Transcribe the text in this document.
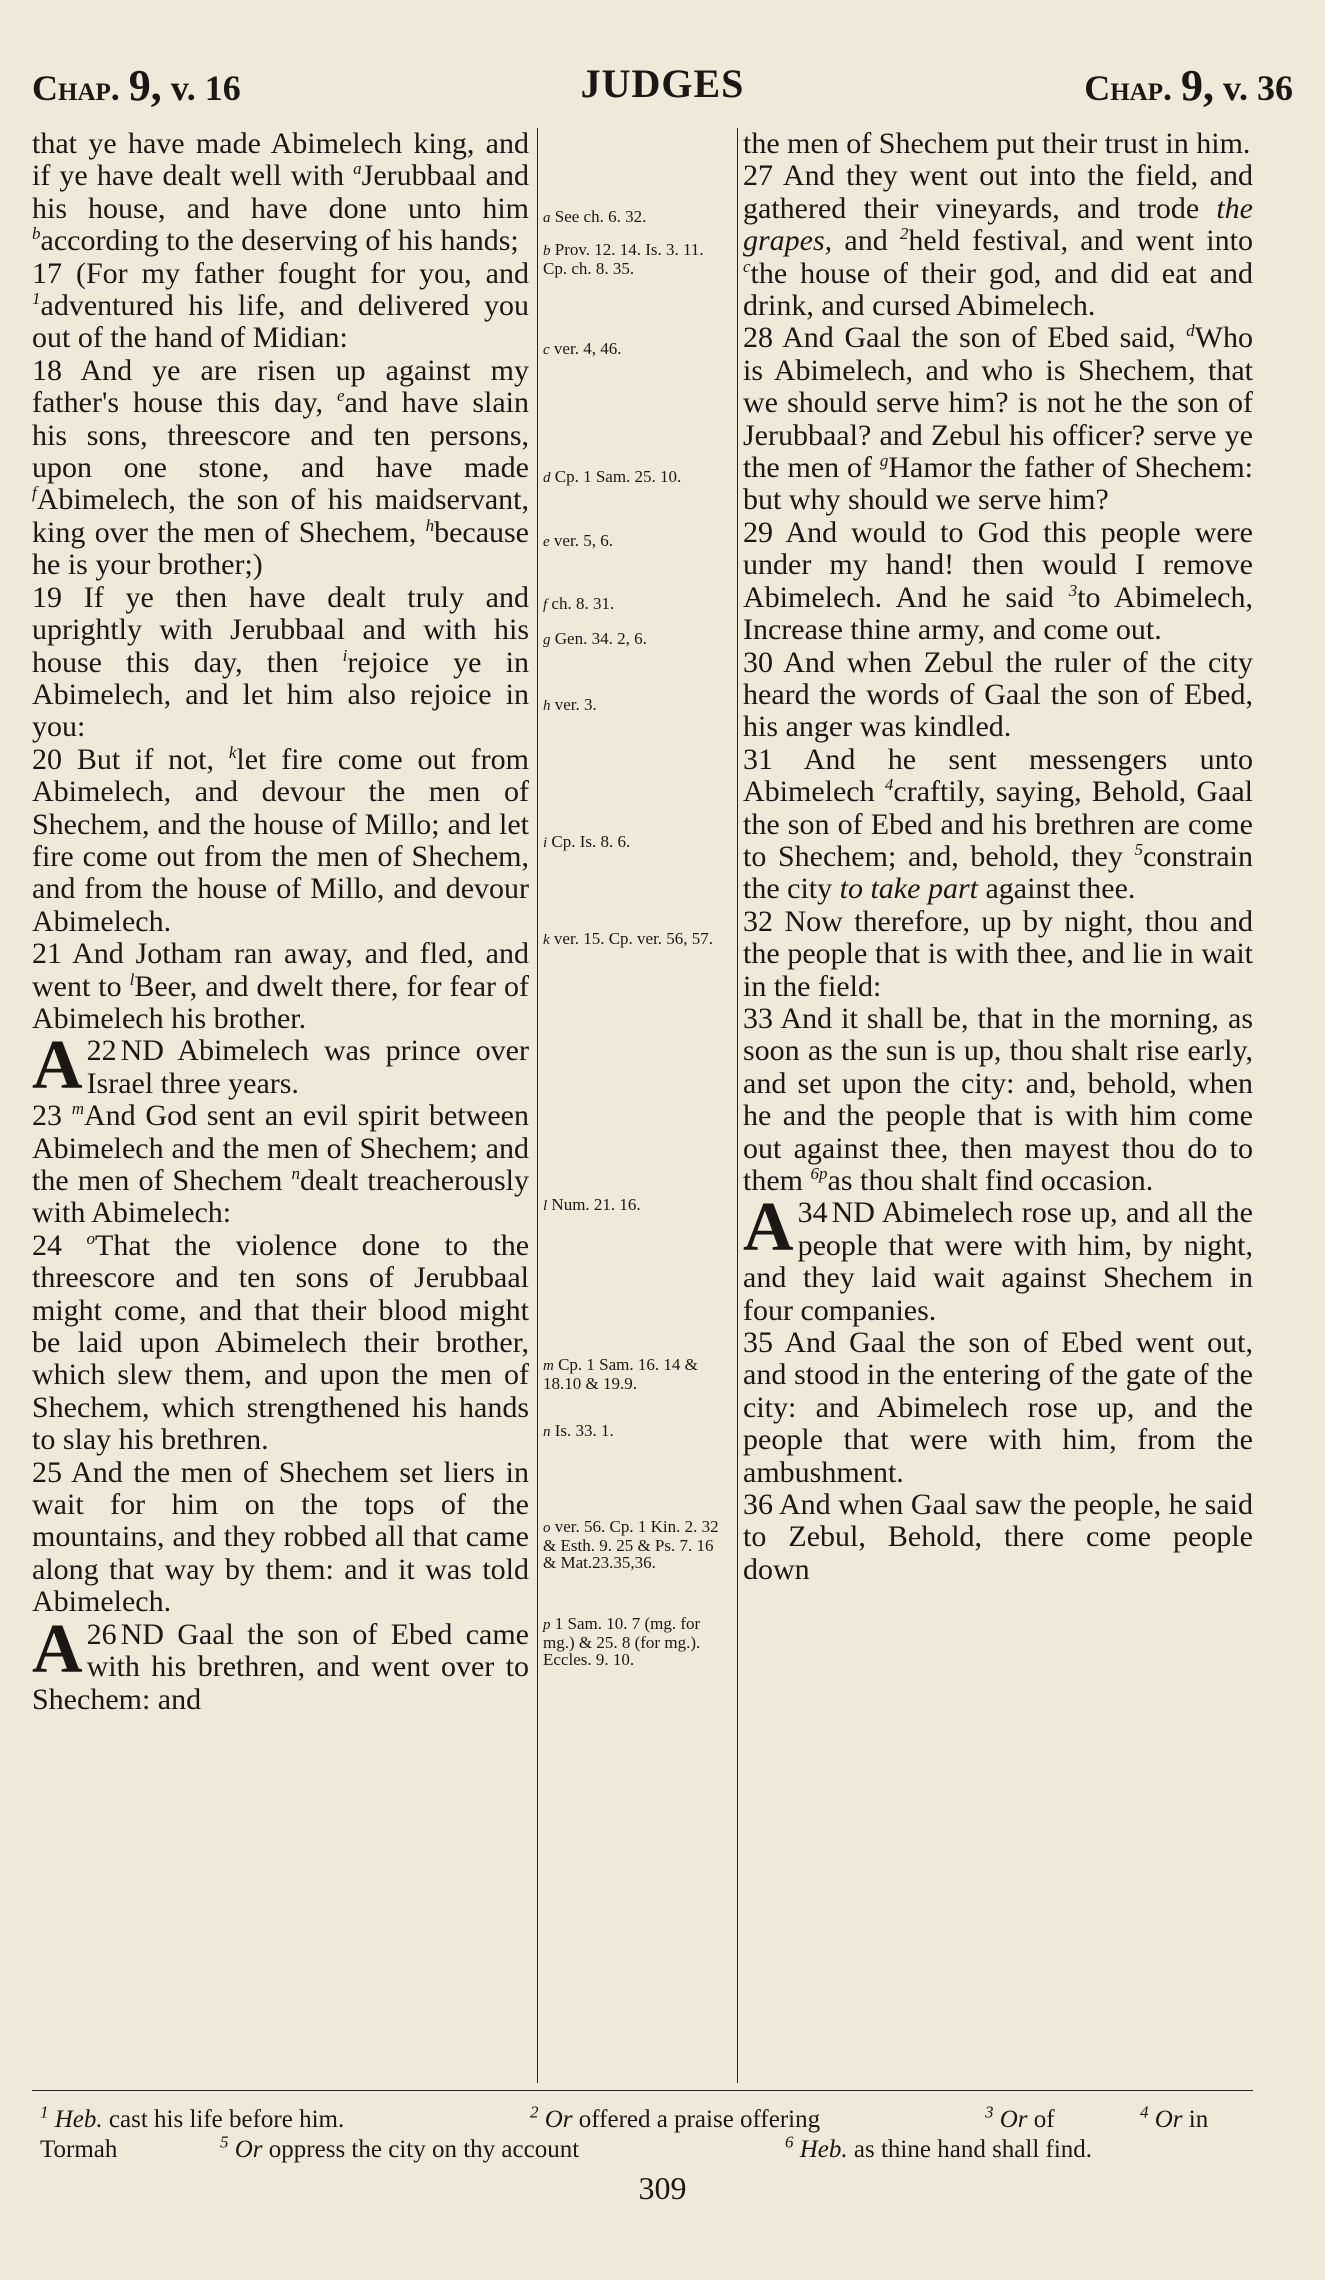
Chap. 9, v. 16	JUDGES	Chap. 9, v. 36

that ye have made Abimelech king, and if ye have dealt well with $^a$Jerubbaal and his house, and have done unto him $^b$according to the deserving of his hands;

17 (For my father fought for you, and $^1$adventured his life, and delivered you out of the hand of Midian:

18 And ye are risen up against my father's house this day, $^e$and have slain his sons, threescore and ten persons, upon one stone, and have made $^f$Abimelech, the son of his maidservant, king over the men of Shechem, $^h$because he is your brother;)

19 If ye then have dealt truly and uprightly with Jerubbaal and with his house this day, then $^i$rejoice ye in Abimelech, and let him also rejoice in you:

20 But if not, $^k$let fire come out from Abimelech, and devour the men of Shechem, and the house of Millo; and let fire come out from the men of Shechem, and from the house of Millo, and devour Abimelech.

21 And Jotham ran away, and fled, and went to $^l$Beer, and dwelt there, for fear of Abimelech his brother.

22
A ND Abimelech was prince over Israel three years.

23 $^m$And God sent an evil spirit between Abimelech and the men of Shechem; and the men of Shechem $^n$dealt treacherously with Abimelech:

24 $^o$That the violence done to the threescore and ten sons of Jerubbaal might come, and that their blood might be laid upon Abimelech their brother, which slew them, and upon the men of Shechem, which strengthened his hands to slay his brethren.

25 And the men of Shechem set liers in wait for him on the tops of the mountains, and they robbed all that came along that way by them: and it was told Abimelech.

26
A ND Gaal the son of Ebed came with his brethren, and went over to Shechem: and

a See ch. 6. 32.
b Prov. 12. 14. Is. 3. 11. Cp. ch. 8. 35.
c ver. 4, 46.
d Cp. 1 Sam. 25. 10.
e ver. 5, 6.
f ch. 8. 31.
g Gen. 34. 2, 6.
h ver. 3.
i Cp. Is. 8. 6.
k ver. 15. Cp. ver. 56, 57.
l Num. 21. 16.
m Cp. 1 Sam. 16. 14 & 18.10 & 19.9.
n Is. 33. 1.
o ver. 56. Cp. 1 Kin. 2. 32 & Esth. 9. 25 & Ps. 7. 16 & Mat.23.35,36.
p 1 Sam. 10. 7 (mg. for mg.) & 25. 8 (for mg.). Eccles. 9. 10.

the men of Shechem put their trust in him.

27 And they went out into the field, and gathered their vineyards, and trode the grapes, and $^2$held festival, and went into $^c$the house of their god, and did eat and drink, and cursed Abimelech.

28 And Gaal the son of Ebed said, $^d$Who is Abimelech, and who is Shechem, that we should serve him? is not he the son of Jerubbaal? and Zebul his officer? serve ye the men of $^g$Hamor the father of Shechem: but why should we serve him?

29 And would to God this people were under my hand! then would I remove Abimelech. And he said $^3$to Abimelech, Increase thine army, and come out.

30 And when Zebul the ruler of the city heard the words of Gaal the son of Ebed, his anger was kindled.

31 And he sent messengers unto Abimelech $^4$craftily, saying, Behold, Gaal the son of Ebed and his brethren are come to Shechem; and, behold, they $^5$constrain the city to take part against thee.

32 Now therefore, up by night, thou and the people that is with thee, and lie in wait in the field:

33 And it shall be, that in the morning, as soon as the sun is up, thou shalt rise early, and set upon the city: and, behold, when he and the people that is with him come out against thee, then mayest thou do to them $^{6p}$as thou shalt find occasion.

34
A ND Abimelech rose up, and all the people that were with him, by night, and they laid wait against Shechem in four companies.

35 And Gaal the son of Ebed went out, and stood in the entering of the gate of the city: and Abimelech rose up, and the people that were with him, from the ambushment.

36 And when Gaal saw the people, he said to Zebul, Behold, there come people down

$^1$ Heb. cast his life before him.	$^2$ Or offered a praise offering	$^3$ Or of	$^4$ Or in
Tormah	$^5$ Or oppress the city on thy account	$^6$ Heb. as thine hand shall find.
309
